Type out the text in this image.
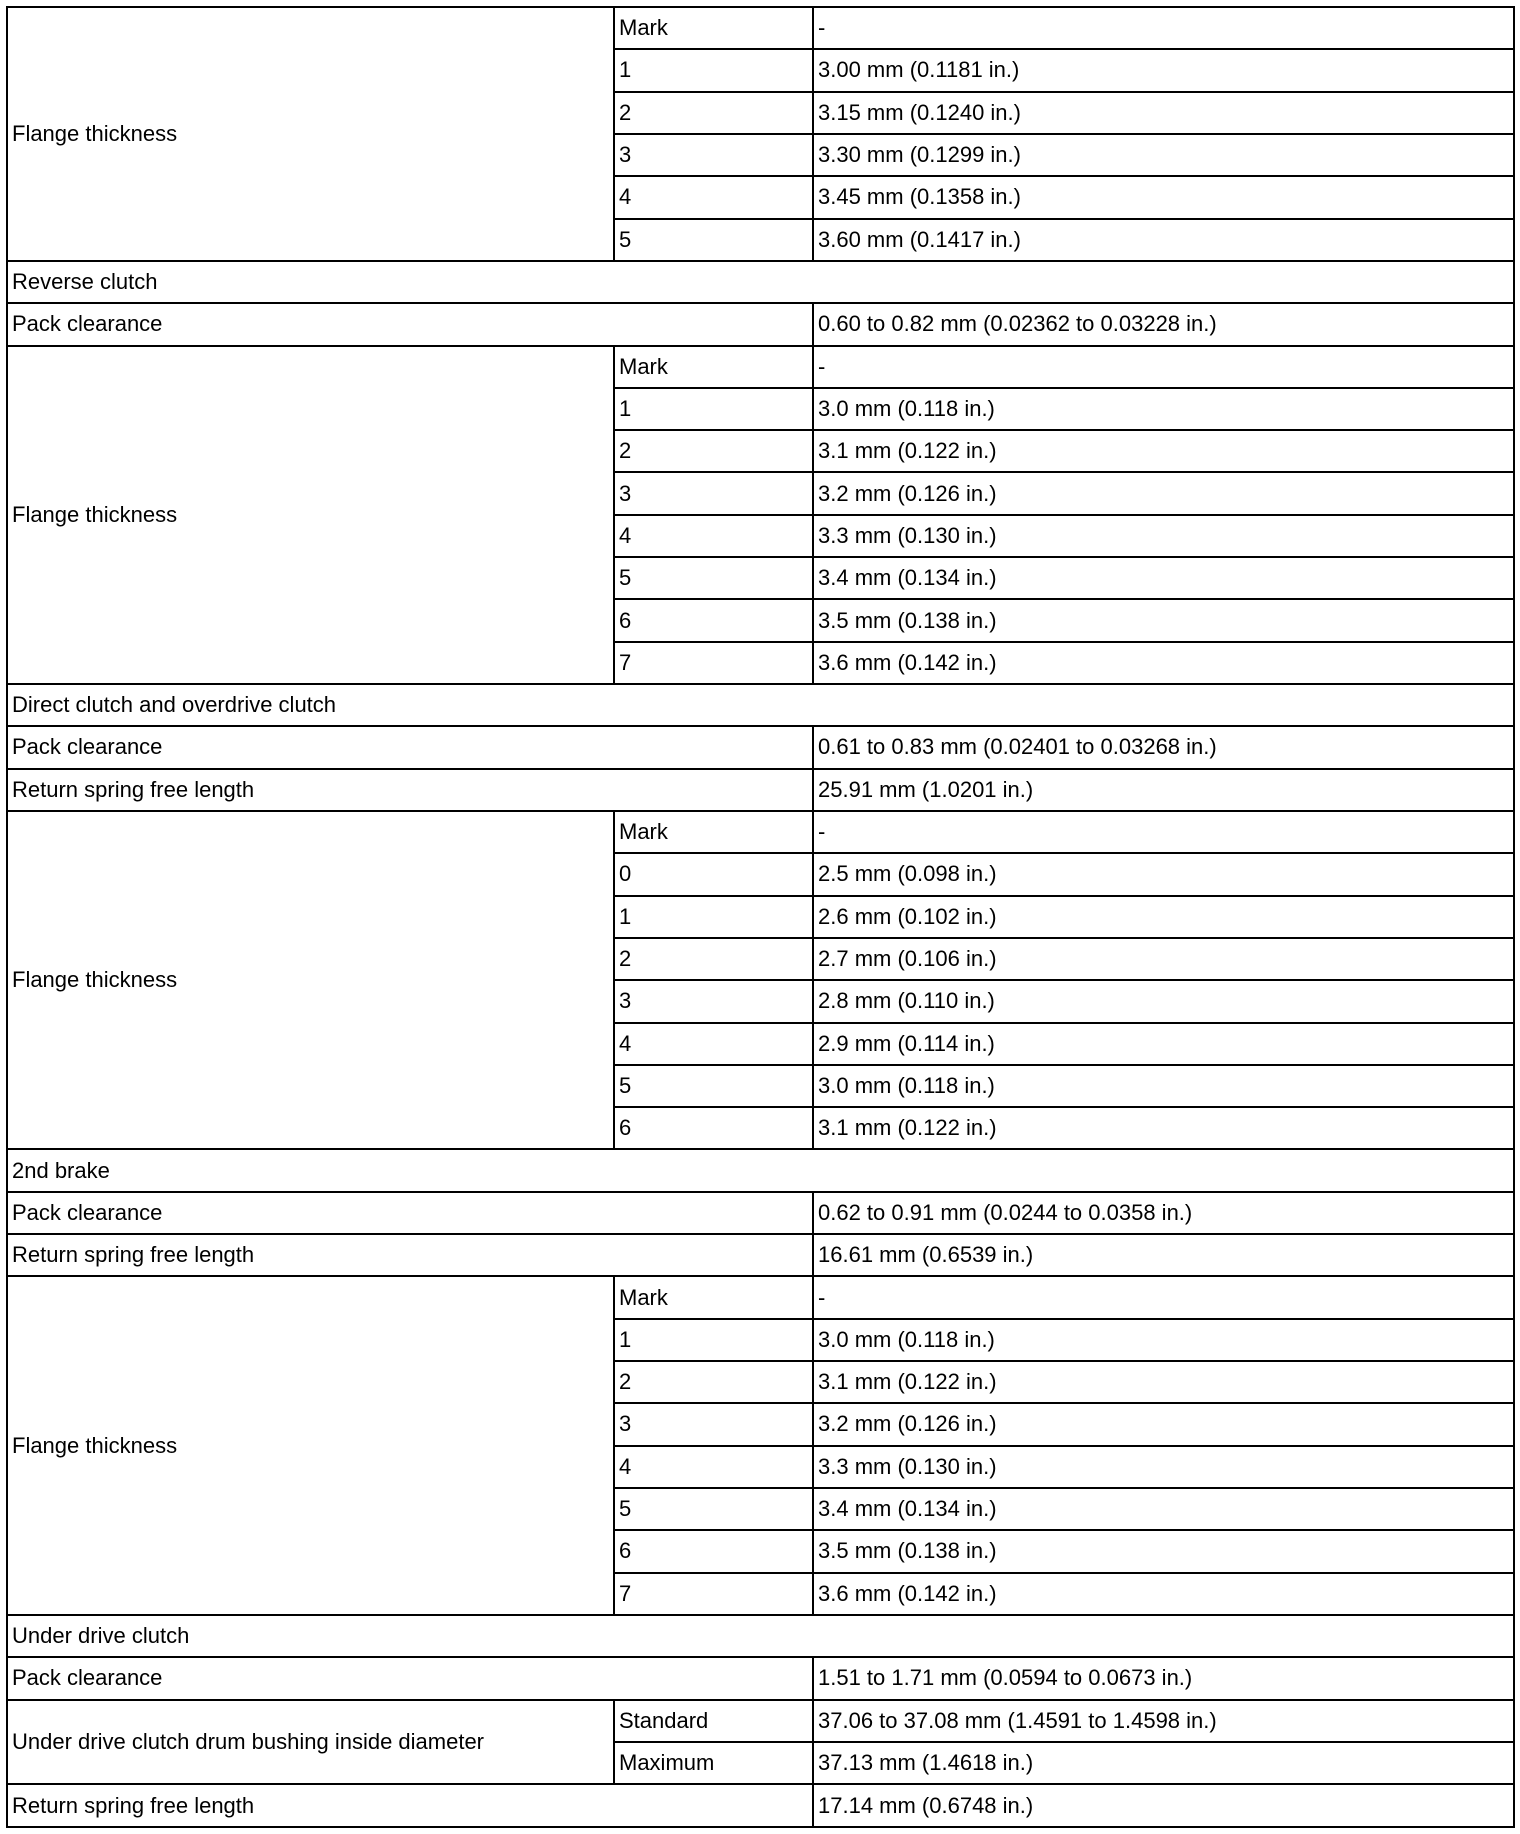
Flange thickness	Mark	-
	1	3.00 mm (0.1181 in.)
	2	3.15 mm (0.1240 in.)
	3	3.30 mm (0.1299 in.)
	4	3.45 mm (0.1358 in.)
	5	3.60 mm (0.1417 in.)
Reverse clutch		
Pack clearance		0.60 to 0.82 mm (0.02362 to 0.03228 in.)
Flange thickness	Mark	-
	1	3.0 mm (0.118 in.)
	2	3.1 mm (0.122 in.)
	3	3.2 mm (0.126 in.)
	4	3.3 mm (0.130 in.)
	5	3.4 mm (0.134 in.)
	6	3.5 mm (0.138 in.)
	7	3.6 mm (0.142 in.)
Direct clutch and overdrive clutch		
Pack clearance		0.61 to 0.83 mm (0.02401 to 0.03268 in.)
Return spring free length		25.91 mm (1.0201 in.)
Flange thickness	Mark	-
	0	2.5 mm (0.098 in.)
	1	2.6 mm (0.102 in.)
	2	2.7 mm (0.106 in.)
	3	2.8 mm (0.110 in.)
	4	2.9 mm (0.114 in.)
	5	3.0 mm (0.118 in.)
	6	3.1 mm (0.122 in.)
2nd brake		
Pack clearance		0.62 to 0.91 mm (0.0244 to 0.0358 in.)
Return spring free length		16.61 mm (0.6539 in.)
Flange thickness	Mark	-
	1	3.0 mm (0.118 in.)
	2	3.1 mm (0.122 in.)
	3	3.2 mm (0.126 in.)
	4	3.3 mm (0.130 in.)
	5	3.4 mm (0.134 in.)
	6	3.5 mm (0.138 in.)
	7	3.6 mm (0.142 in.)
Under drive clutch		
Pack clearance		1.51 to 1.71 mm (0.0594 to 0.0673 in.)
Under drive clutch drum bushing inside diameter	Standard	37.06 to 37.08 mm (1.4591 to 1.4598 in.)
	Maximum	37.13 mm (1.4618 in.)
Return spring free length		17.14 mm (0.6748 in.)
